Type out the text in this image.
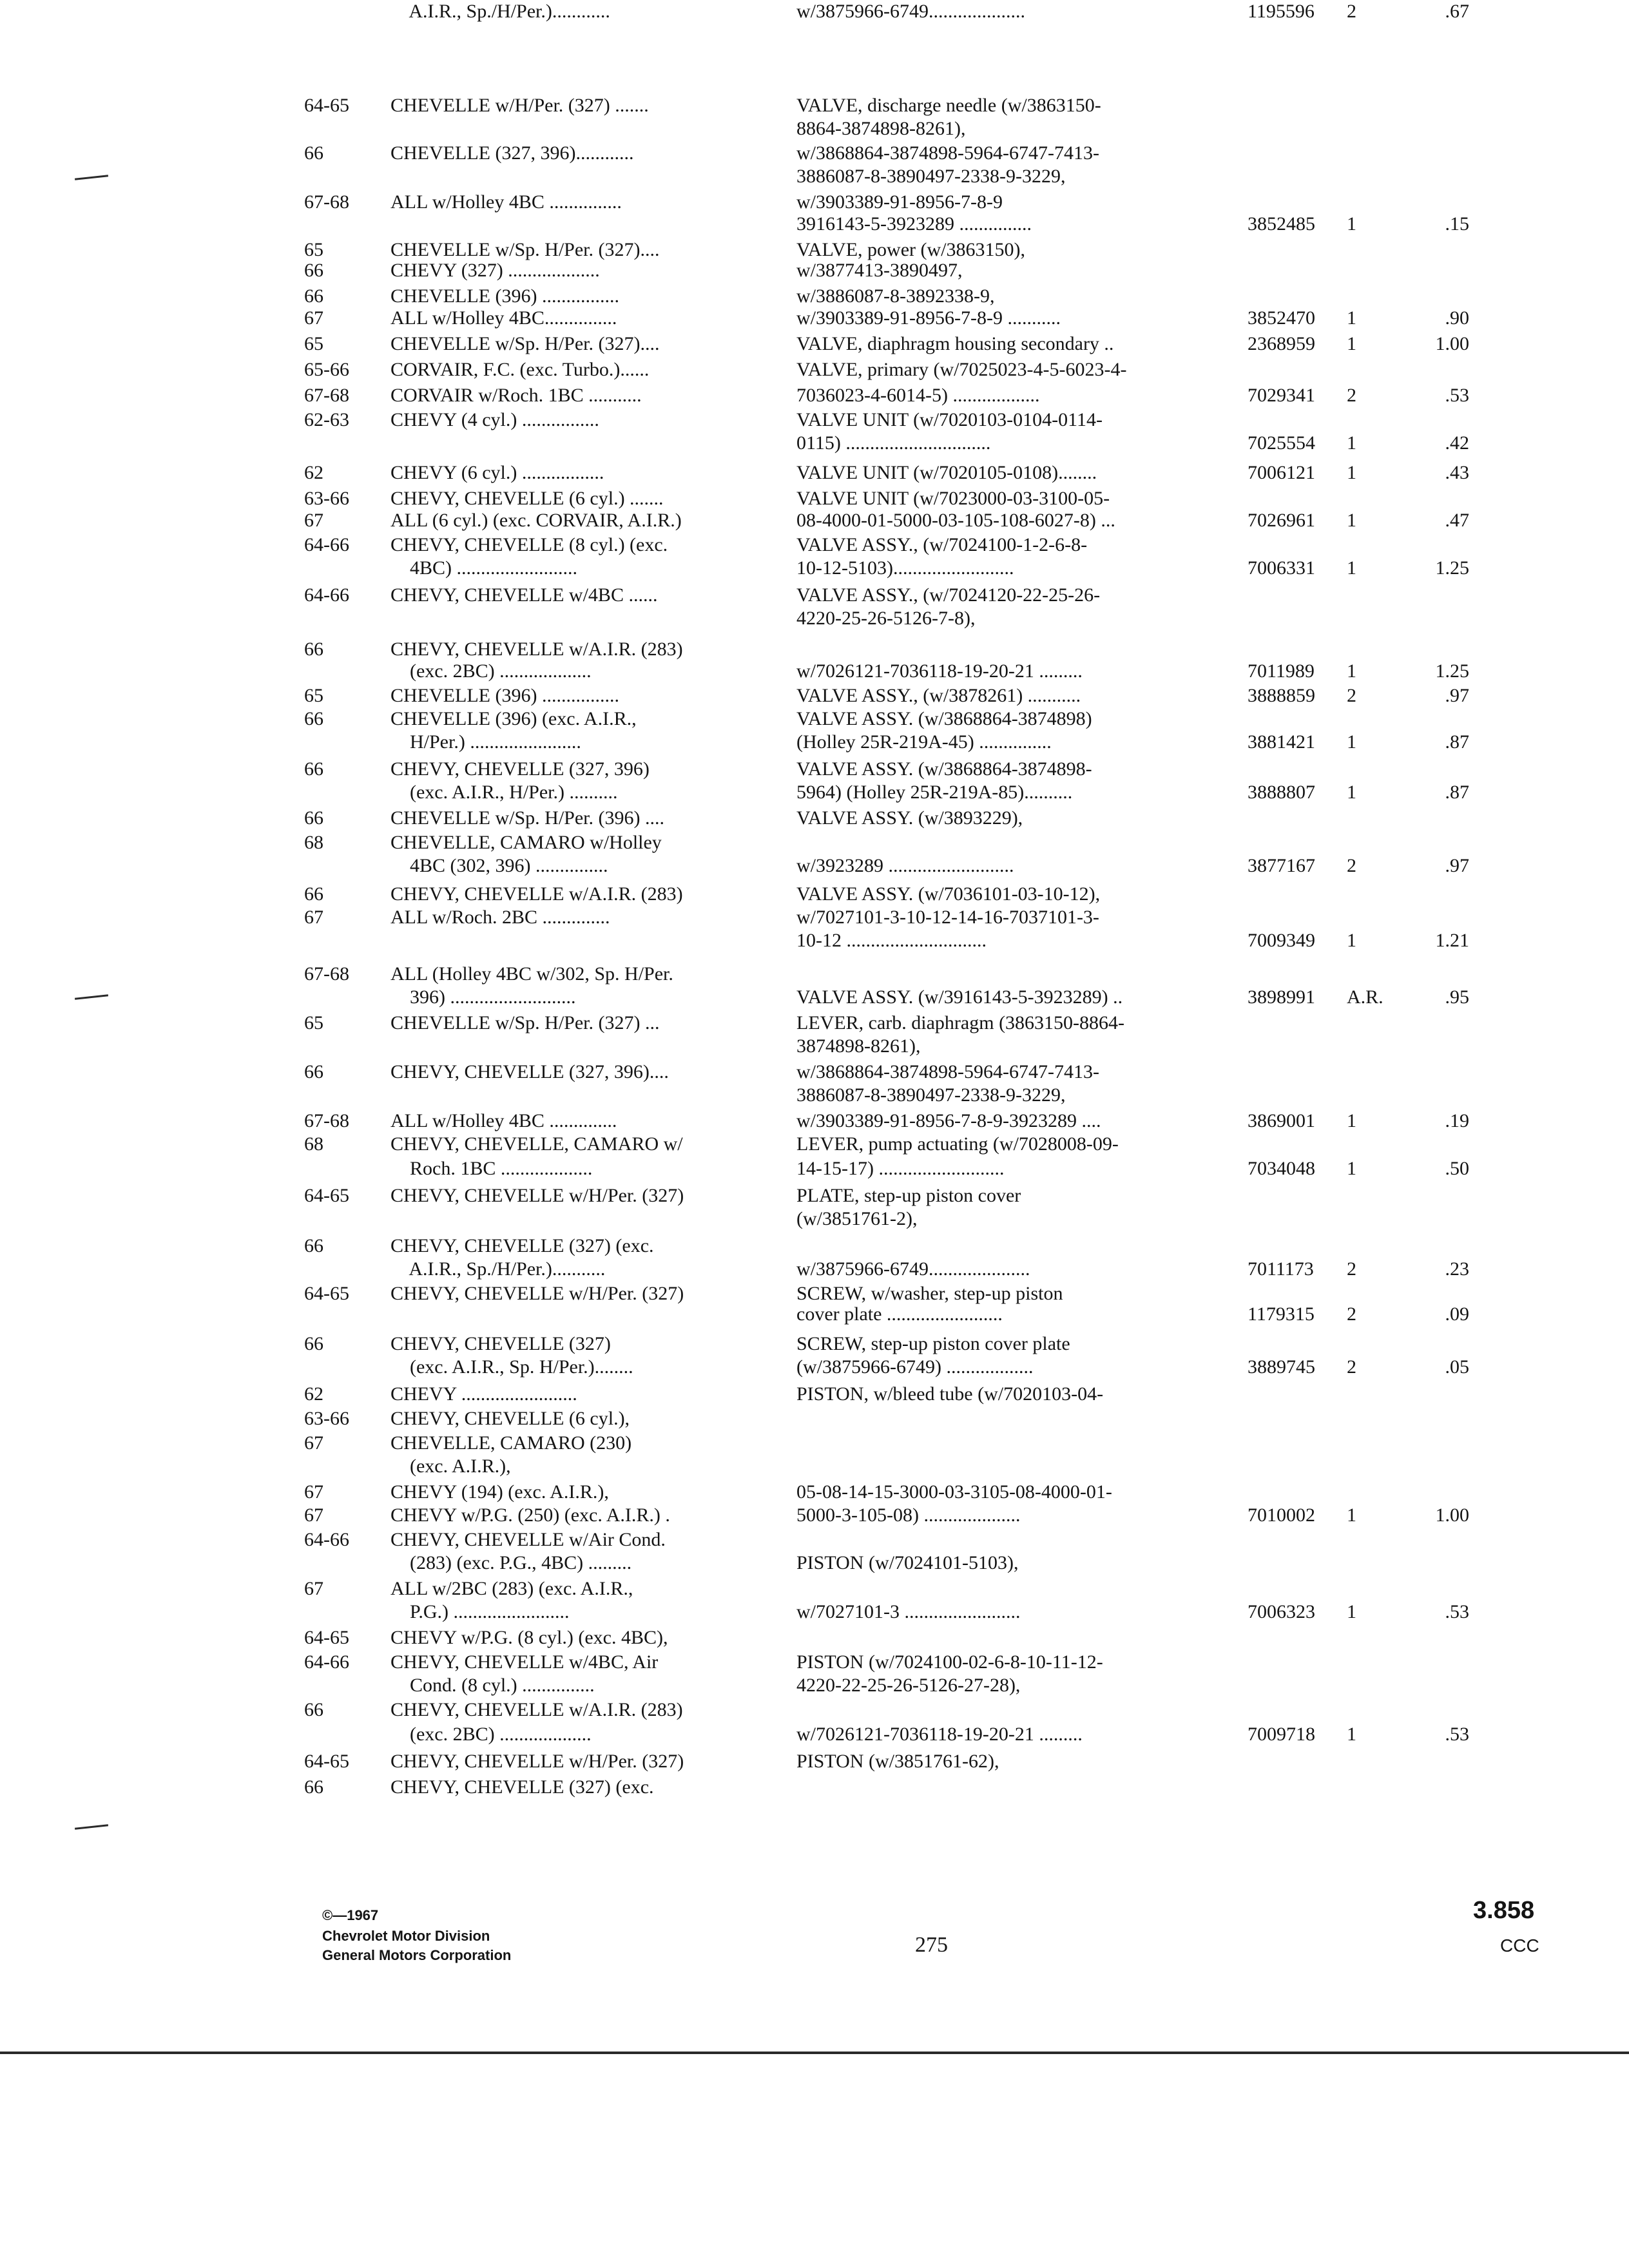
64-65 CHEVELLE w/H/Per. (327) .......	VALVE, discharge needle (w/3863150-
8864-3874898-8261),
66	CHEVELLE (327, 396)............	w/3868864-3874898-5964-6747-7413-
3886087-8-3890497-2338-9-3229,
67-68 ALL w/Holley 4BC ...............	w/3903389-91-8956-7-8-9
3916143-5-3923289 ...............	3852485 1	.15
65	CHEVELLE w/Sp. H/Per. (327)....	VALVE, power (w/3863150),
66	CHEVY (327) ...................	w/3877413-3890497,
66	CHEVELLE (396) ................	w/3886087-8-3892338-9,
67	ALL w/Holley 4BC...............	w/3903389-91-8956-7-8-9 ...........	3852470 1	.90
65	CHEVELLE w/Sp. H/Per. (327)....	VALVE, diaphragm housing secondary ..	2368959 1	1.00
65-66 CORVAIR, F.C. (exc. Turbo.)......	VALVE, primary (w/7025023-4-5-6023-4-
67-68 CORVAIR w/Roch. 1BC ...........	7036023-4-6014-5) ..................	7029341 2	.53
62-63 CHEVY (4 cyl.) ................	VALVE UNIT (w/7020103-0104-0114-
0115) ..............................	7025554 1	.42
62	CHEVY (6 cyl.) .................	VALVE UNIT (w/7020105-0108)........	7006121 1	.43
63-66 CHEVY, CHEVELLE (6 cyl.) .......	VALVE UNIT (w/7023000-03-3100-05-
67	ALL (6 cyl.) (exc. CORVAIR, A.I.R.)	08-4000-01-5000-03-105-108-6027-8) ...	7026961 1	.47
64-66 CHEVY, CHEVELLE (8 cyl.) (exc.	VALVE ASSY., (w/7024100-1-2-6-8-
4BC) .........................	10-12-5103).........................	7006331 1	1.25
64-66 CHEVY, CHEVELLE w/4BC ......	VALVE ASSY., (w/7024120-22-25-26-
4220-25-26-5126-7-8),
66	CHEVY, CHEVELLE w/A.I.R. (283)
(exc. 2BC) ...................	w/7026121-7036118-19-20-21 .........	7011989 1	1.25
65	CHEVELLE (396) ................	VALVE ASSY., (w/3878261) ...........	3888859 2	.97
66	CHEVELLE (396) (exc. A.I.R.,	VALVE ASSY. (w/3868864-3874898)
H/Per.) .......................	(Holley 25R-219A-45) ...............	3881421 1	.87
66	CHEVY, CHEVELLE (327, 396)	VALVE ASSY. (w/3868864-3874898-
(exc. A.I.R., H/Per.) ..........	5964) (Holley 25R-219A-85)..........	3888807 1	.87
66	CHEVELLE w/Sp. H/Per. (396) ....	VALVE ASSY. (w/3893229),
68	CHEVELLE, CAMARO w/Holley
4BC (302, 396) ...............	w/3923289 ..........................	3877167 2	.97
66	CHEVY, CHEVELLE w/A.I.R. (283)	VALVE ASSY. (w/7036101-03-10-12),
67	ALL w/Roch. 2BC ..............	w/7027101-3-10-12-14-16-7037101-3-
10-12 .............................	7009349 1	1.21
67-68 ALL (Holley 4BC w/302, Sp. H/Per.
396) ..........................	VALVE ASSY. (w/3916143-5-3923289) ..	3898991 A.R.	.95
65	CHEVELLE w/Sp. H/Per. (327) ...	LEVER, carb. diaphragm (3863150-8864-
3874898-8261),
66	CHEVY, CHEVELLE (327, 396)....	w/3868864-3874898-5964-6747-7413-
3886087-8-3890497-2338-9-3229,
67-68 ALL w/Holley 4BC ..............	w/3903389-91-8956-7-8-9-3923289 ....	3869001 1	.19
68	CHEVY, CHEVELLE, CAMARO w/	LEVER, pump actuating (w/7028008-09-
Roch. 1BC ...................	14-15-17) ..........................	7034048 1	.50
64-65 CHEVY, CHEVELLE w/H/Per. (327)	PLATE, step-up piston cover
(w/3851761-2),
66	CHEVY, CHEVELLE (327) (exc.
A.I.R., Sp./H/Per.)...........	w/3875966-6749.....................	7011173 2	.23
64-65 CHEVY, CHEVELLE w/H/Per. (327)	SCREW, w/washer, step-up piston
cover plate ........................	1179315 2	.09
66	CHEVY, CHEVELLE (327)	SCREW, step-up piston cover plate
(exc. A.I.R., Sp. H/Per.)........	(w/3875966-6749) ..................	3889745 2	.05
62	CHEVY ........................	PISTON, w/bleed tube (w/7020103-04-
63-66 CHEVY, CHEVELLE (6 cyl.),
67	CHEVELLE, CAMARO (230)
(exc. A.I.R.),
67	CHEVY (194) (exc. A.I.R.),	05-08-14-15-3000-03-3105-08-4000-01-
67	CHEVY w/P.G. (250) (exc. A.I.R.) .	5000-3-105-08) ....................	7010002 1	1.00
64-66 CHEVY, CHEVELLE w/Air Cond.
(283) (exc. P.G., 4BC) .........	PISTON (w/7024101-5103),
67	ALL w/2BC (283) (exc. A.I.R.,
P.G.) ........................	w/7027101-3 ........................	7006323 1	.53
64-65 CHEVY w/P.G. (8 cyl.) (exc. 4BC),
64-66 CHEVY, CHEVELLE w/4BC, Air	PISTON (w/7024100-02-6-8-10-11-12-
Cond. (8 cyl.) ...............	4220-22-25-26-5126-27-28),
66	CHEVY, CHEVELLE w/A.I.R. (283)
(exc. 2BC) ...................	w/7026121-7036118-19-20-21 .........	7009718 1	.53
64-65 CHEVY, CHEVELLE w/H/Per. (327)	PISTON (w/3851761-62),
66	CHEVY, CHEVELLE (327) (exc.
A.I.R., Sp./H/Per.)............	w/3875966-6749....................	1195596 2	.67
©—1967
Chevrolet Motor Division
General Motors Corporation	275
3.858
CCC
